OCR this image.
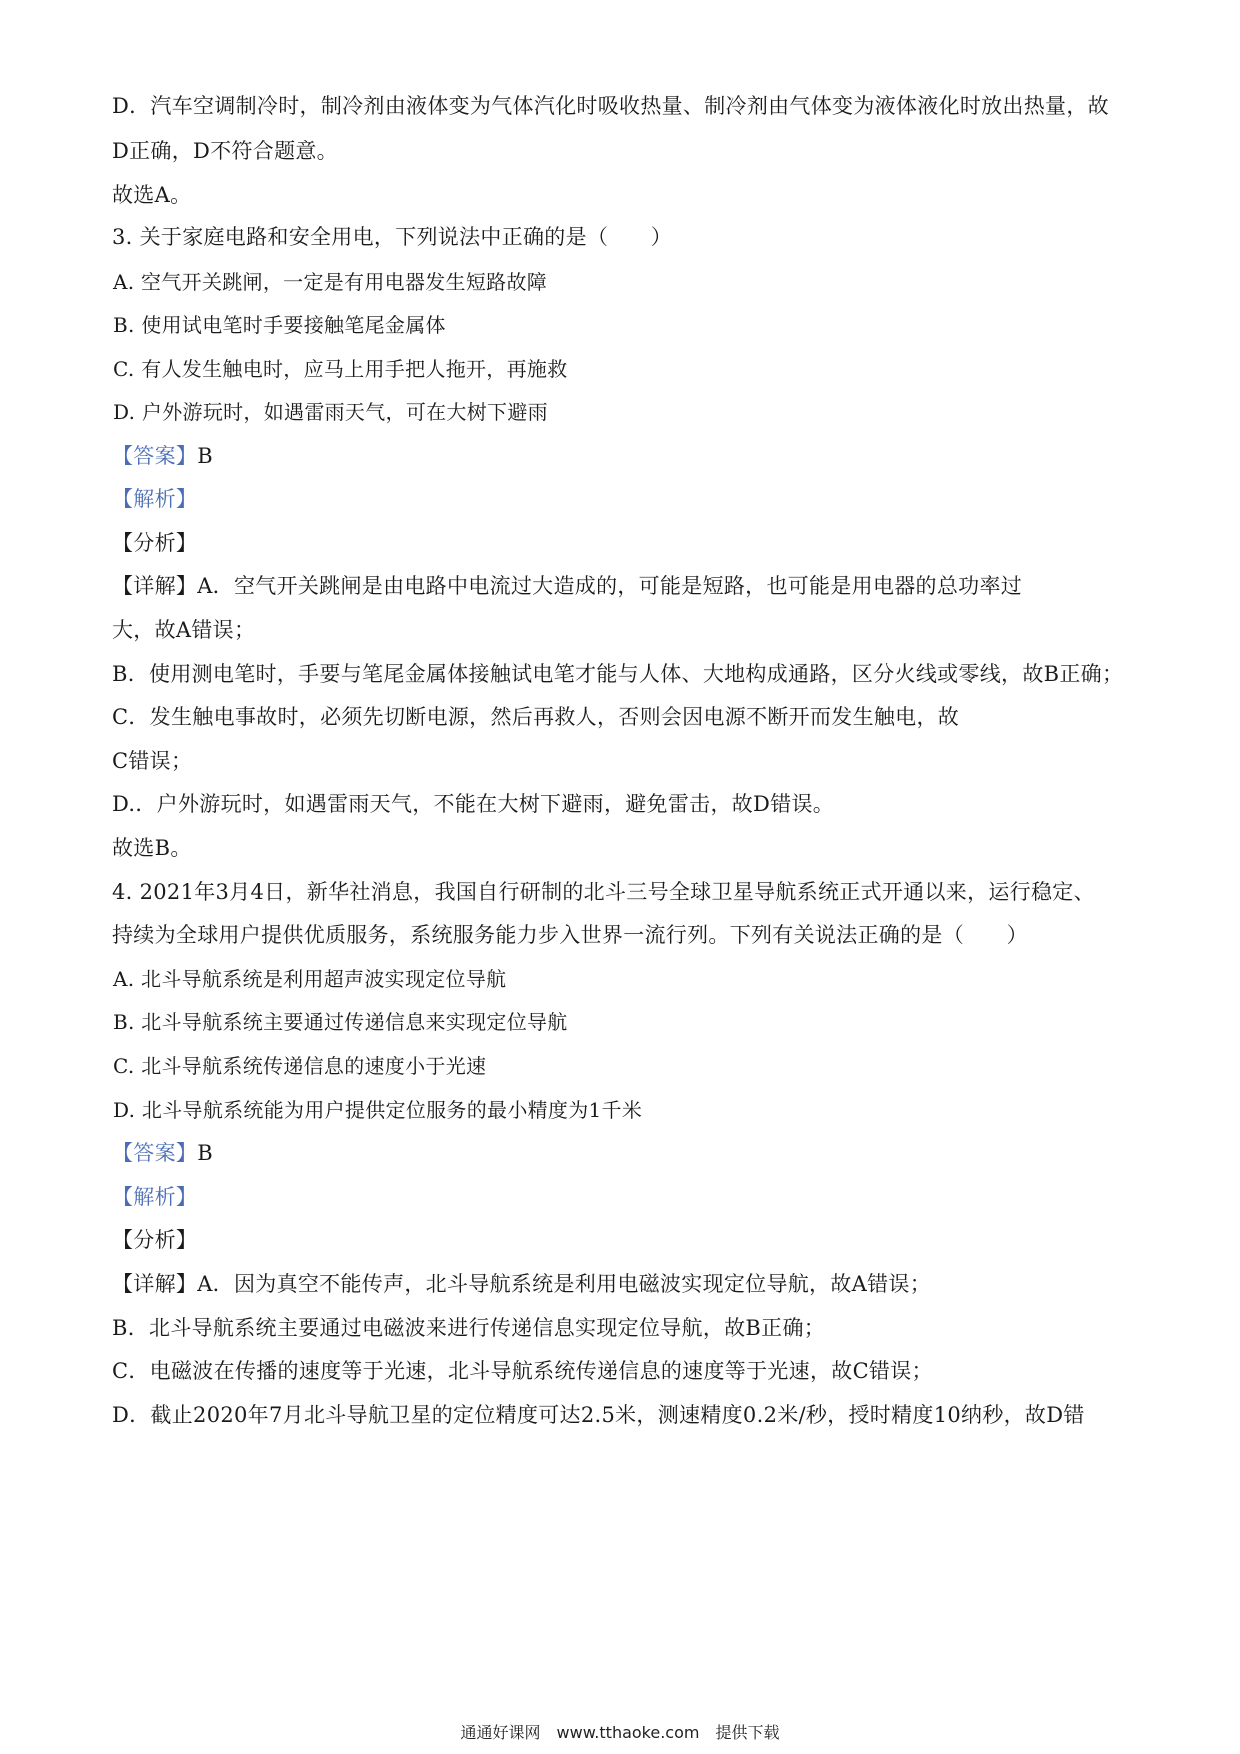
D．汽车空调制冷时，制冷剂由液体变为气体汽化时吸收热量、制冷剂由气体变为液体液化时放出热量，故
D正确，D不符合题意。
故选A。
3. 关于家庭电路和安全用电，下列说法中正确的是（　　）
A. 空气开关跳闸，一定是有用电器发生短路故障
B. 使用试电笔时手要接触笔尾金属体
C. 有人发生触电时，应马上用手把人拖开，再施救
D. 户外游玩时，如遇雷雨天气，可在大树下避雨
【答案】B
【解析】
【分析】
【详解】A．空气开关跳闸是由电路中电流过大造成的，可能是短路，也可能是用电器的总功率过
大，故A错误；
B．使用测电笔时，手要与笔尾金属体接触试电笔才能与人体、大地构成通路，区分火线或零线，故B正确；
C．发生触电事故时，必须先切断电源，然后再救人，否则会因电源不断开而发生触电，故
C错误；
D.．户外游玩时，如遇雷雨天气，不能在大树下避雨，避免雷击，故D错误。
故选B。
4. 2021年3月4日，新华社消息，我国自行研制的北斗三号全球卫星导航系统正式开通以来，运行稳定、
持续为全球用户提供优质服务，系统服务能力步入世界一流行列。下列有关说法正确的是（　　）
A. 北斗导航系统是利用超声波实现定位导航
B. 北斗导航系统主要通过传递信息来实现定位导航
C. 北斗导航系统传递信息的速度小于光速
D. 北斗导航系统能为用户提供定位服务的最小精度为1千米
【答案】B
【解析】
【分析】
【详解】A．因为真空不能传声，北斗导航系统是利用电磁波实现定位导航，故A错误；
B．北斗导航系统主要通过电磁波来进行传递信息实现定位导航，故B正确；
C．电磁波在传播的速度等于光速，北斗导航系统传递信息的速度等于光速，故C错误；
D．截止2020年7月北斗导航卫星的定位精度可达2.5米，测速精度0.2米/秒，授时精度10纳秒，故D错
通通好课网　www.tthaoke.com　提供下载
